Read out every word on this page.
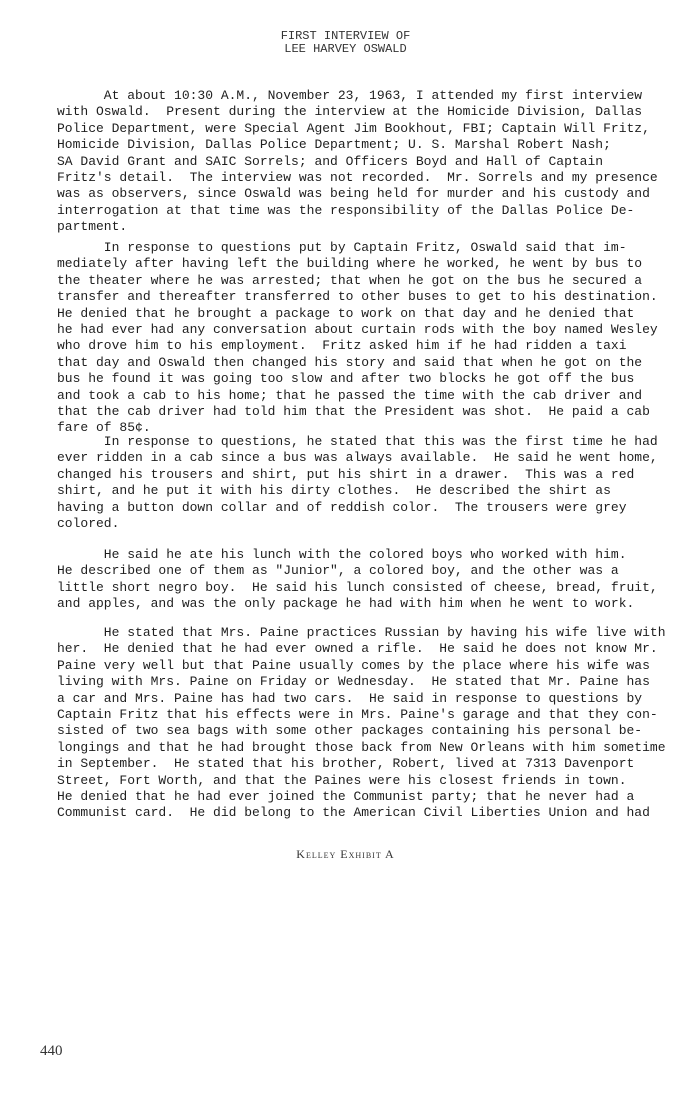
FIRST INTERVIEW OF
LEE HARVEY OSWALD
At about 10:30 A.M., November 23, 1963, I attended my first interview
with Oswald.  Present during the interview at the Homicide Division, Dallas
Police Department, were Special Agent Jim Bookhout, FBI; Captain Will Fritz,
Homicide Division, Dallas Police Department; U. S. Marshal Robert Nash;
SA David Grant and SAIC Sorrels; and Officers Boyd and Hall of Captain
Fritz's detail.  The interview was not recorded.  Mr. Sorrels and my presence
was as observers, since Oswald was being held for murder and his custody and
interrogation at that time was the responsibility of the Dallas Police De-
partment.
In response to questions put by Captain Fritz, Oswald said that im-
mediately after having left the building where he worked, he went by bus to
the theater where he was arrested; that when he got on the bus he secured a
transfer and thereafter transferred to other buses to get to his destination.
He denied that he brought a package to work on that day and he denied that
he had ever had any conversation about curtain rods with the boy named Wesley
who drove him to his employment.  Fritz asked him if he had ridden a taxi
that day and Oswald then changed his story and said that when he got on the
bus he found it was going too slow and after two blocks he got off the bus
and took a cab to his home; that he passed the time with the cab driver and
that the cab driver had told him that the President was shot.  He paid a cab
fare of 85¢.
In response to questions, he stated that this was the first time he had
ever ridden in a cab since a bus was always available.  He said he went home,
changed his trousers and shirt, put his shirt in a drawer.  This was a red
shirt, and he put it with his dirty clothes.  He described the shirt as
having a button down collar and of reddish color.  The trousers were grey
colored.
He said he ate his lunch with the colored boys who worked with him.
He described one of them as "Junior", a colored boy, and the other was a
little short negro boy.  He said his lunch consisted of cheese, bread, fruit,
and apples, and was the only package he had with him when he went to work.
He stated that Mrs. Paine practices Russian by having his wife live with
her.  He denied that he had ever owned a rifle.  He said he does not know Mr.
Paine very well but that Paine usually comes by the place where his wife was
living with Mrs. Paine on Friday or Wednesday.  He stated that Mr. Paine has
a car and Mrs. Paine has had two cars.  He said in response to questions by
Captain Fritz that his effects were in Mrs. Paine's garage and that they con-
sisted of two sea bags with some other packages containing his personal be-
longings and that he had brought those back from New Orleans with him sometime
in September.  He stated that his brother, Robert, lived at 7313 Davenport
Street, Fort Worth, and that the Paines were his closest friends in town.
He denied that he had ever joined the Communist party; that he never had a
Communist card.  He did belong to the American Civil Liberties Union and had
Kelley Exhibit A
440
